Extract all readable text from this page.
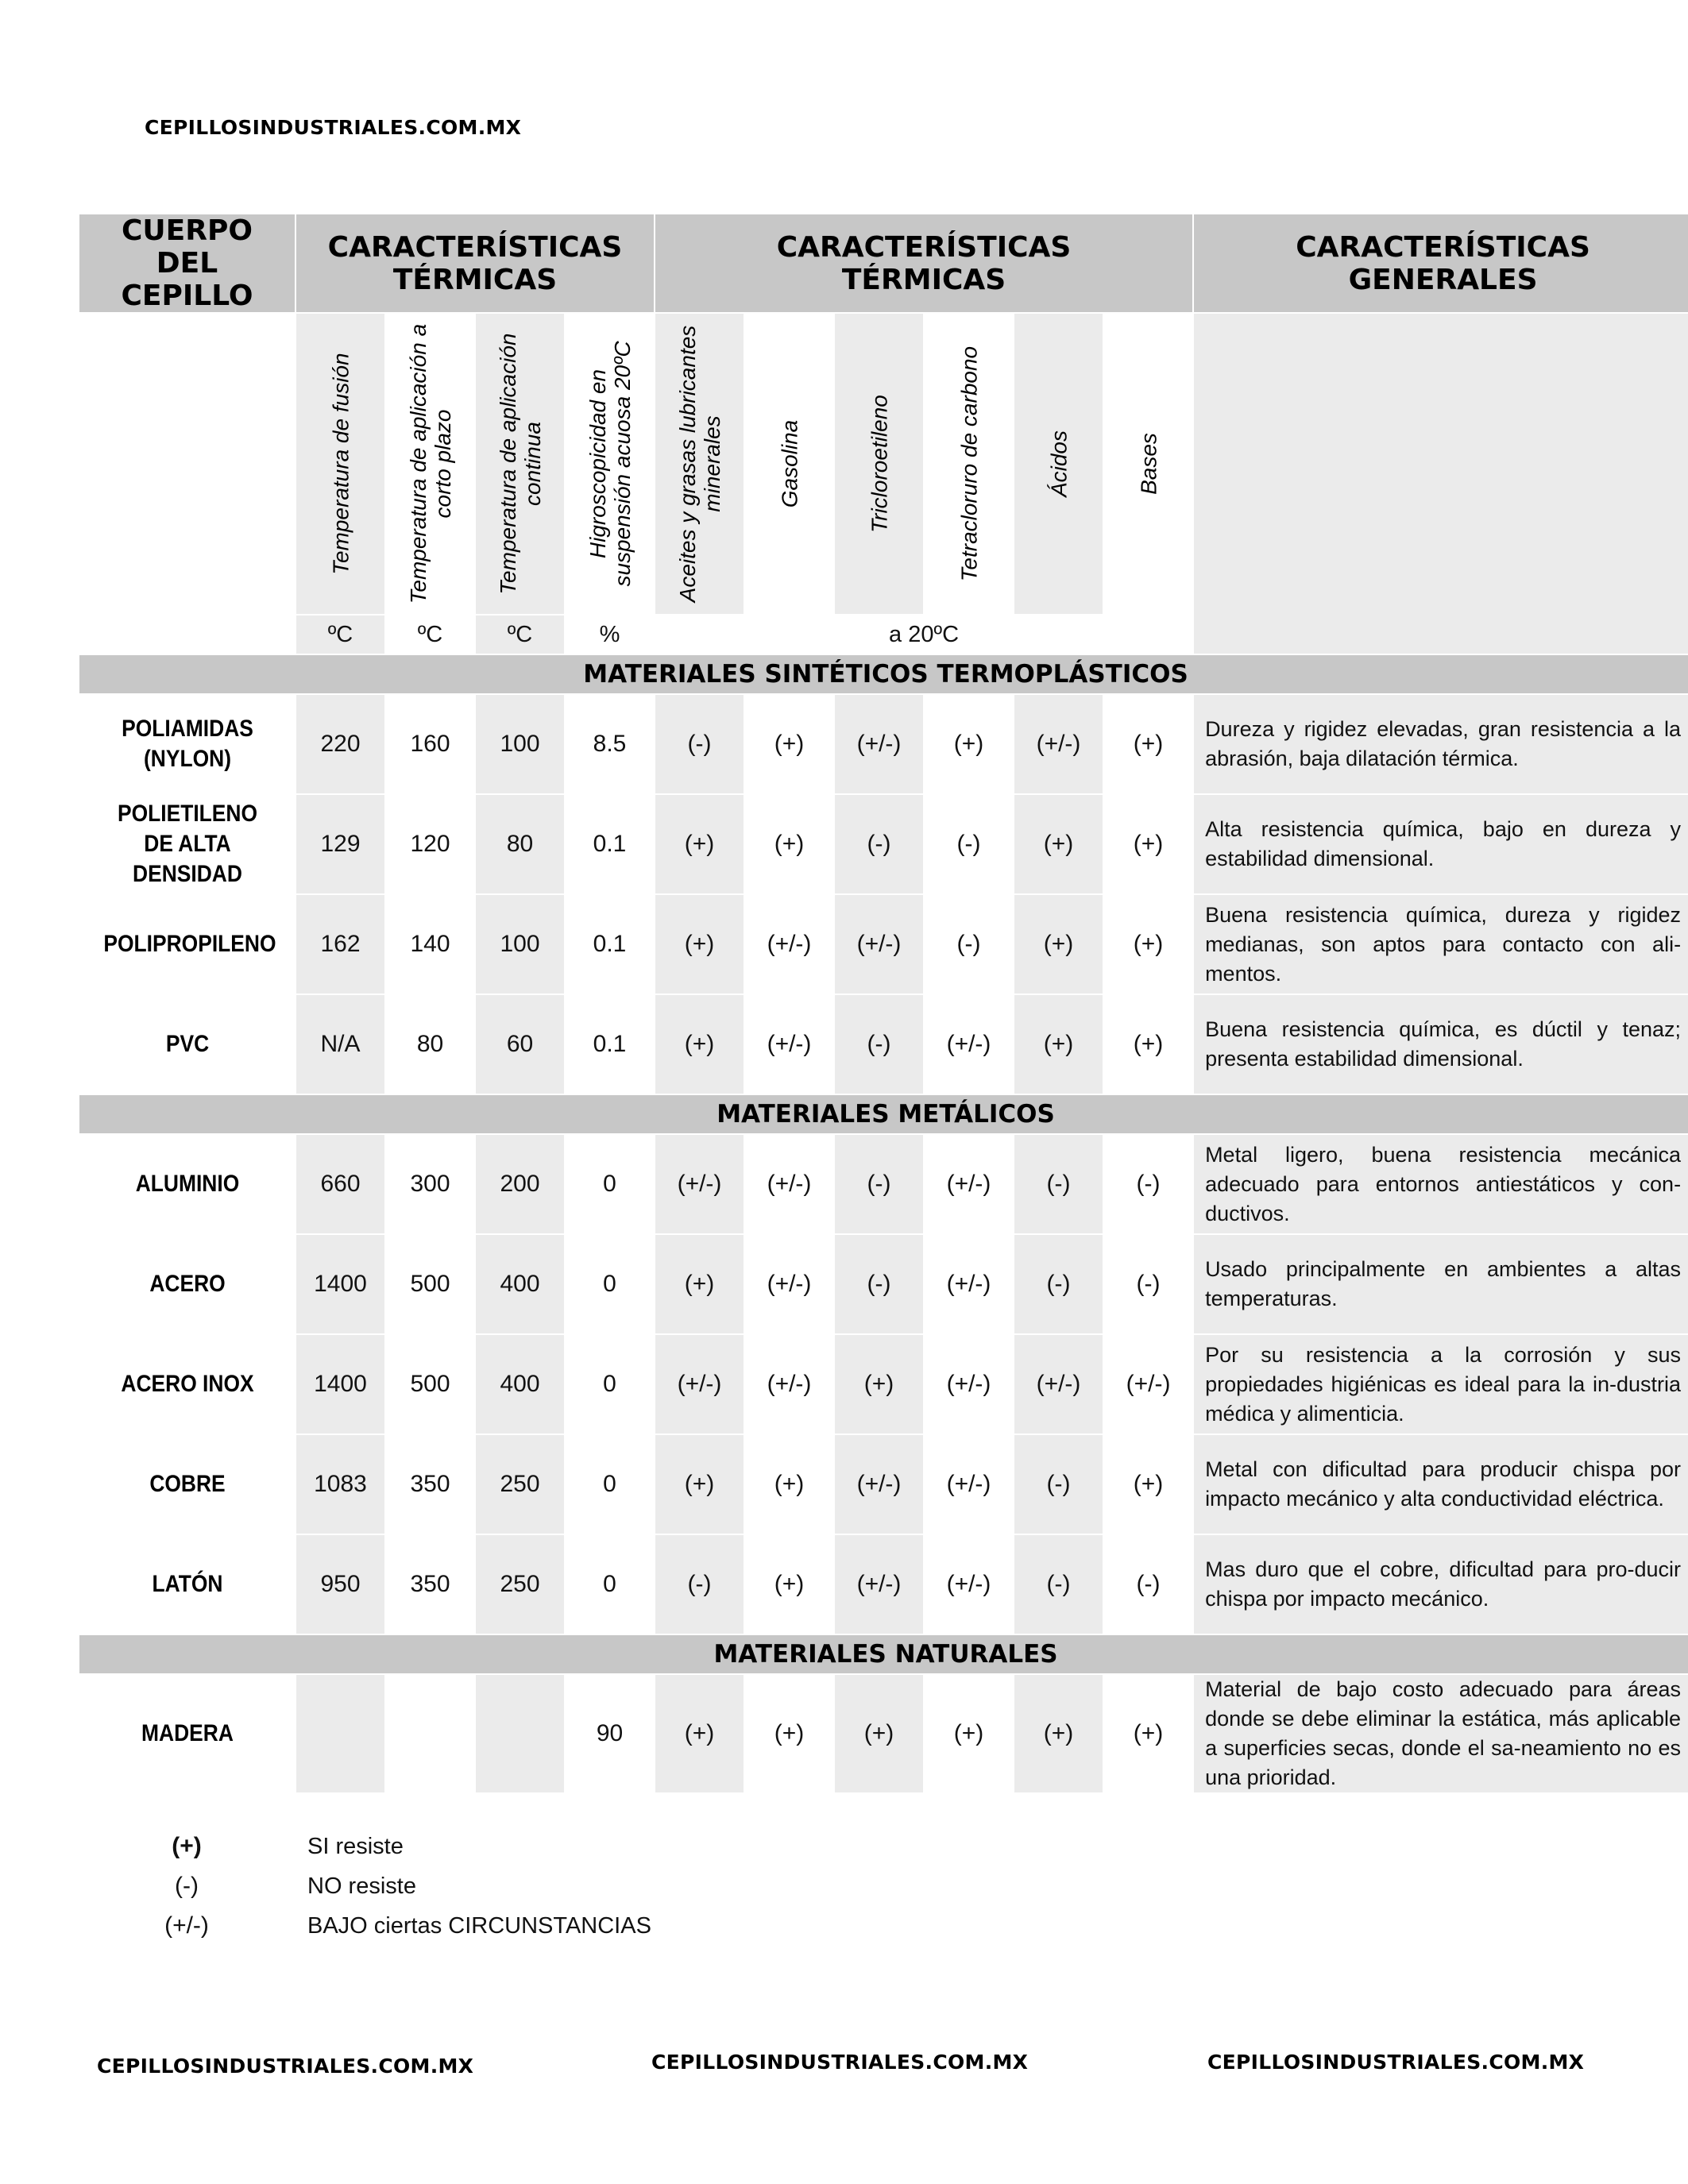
CEPILLOSINDUSTRIALES.COM.MX
CUERPO DEL CEPILLO	CARACTERÍSTICAS TÉRMICAS				CARACTERÍSTICAS TÉRMICAS						CARACTERÍSTICAS GENERALES

	Temperatura de fusión	Temperatura de aplicación a corto plazo	Temperatura de aplicación continua	Higroscopicidad en suspensión acuosa 20ºC	Aceites y grasas lubricantes minerales	Gasolina	Tricloroetileno	Tetracloruro de carbono	Ácidos	Bases	

	ºC	ºC	ºC	%	a 20ºC						
MATERIALES SINTÉTICOS TERMOPLÁSTICOS											
POLIAMIDAS (NYLON)	220	160	100	8.5	(-)	(+)	(+/-)	(+)	(+/-)	(+)	Dureza y rigidez elevadas, gran resistencia a la abrasión, baja dilatación térmica.
POLIETILENO DE ALTA DENSIDAD	129	120	80	0.1	(+)	(+)	(-)	(-)	(+)	(+)	Alta resistencia química, bajo en dureza y estabilidad dimensional.
POLIPROPILENO	162	140	100	0.1	(+)	(+/-)	(+/-)	(-)	(+)	(+)	Buena resistencia química, dureza y rigidez medianas, son aptos para contacto con ali-mentos.
PVC	N/A	80	60	0.1	(+)	(+/-)	(-)	(+/-)	(+)	(+)	Buena resistencia química, es dúctil y tenaz; presenta estabilidad dimensional.
MATERIALES METÁLICOS											
ALUMINIO	660	300	200	0	(+/-)	(+/-)	(-)	(+/-)	(-)	(-)	Metal ligero, buena resistencia mecánica adecuado para entornos antiestáticos y con-ductivos.
ACERO	1400	500	400	0	(+)	(+/-)	(-)	(+/-)	(-)	(-)	Usado principalmente en ambientes a altas temperaturas.
ACERO INOX	1400	500	400	0	(+/-)	(+/-)	(+)	(+/-)	(+/-)	(+/-)	Por su resistencia a la corrosión y sus propiedades higiénicas es ideal para la in-dustria médica y alimenticia.
COBRE	1083	350	250	0	(+)	(+)	(+/-)	(+/-)	(-)	(+)	Metal con dificultad para producir chispa por impacto mecánico y alta conductividad eléctrica.
LATÓN	950	350	250	0	(-)	(+)	(+/-)	(+/-)	(-)	(-)	Mas duro que el cobre, dificultad para pro-ducir chispa por impacto mecánico.
MATERIALES NATURALES											
MADERA				90	(+)	(+)	(+)	(+)	(+)	(+)	Material de bajo costo adecuado para áreas donde se debe eliminar la estática, más aplicable a superficies secas, donde el sa-neamiento no es una prioridad.
(+)	SI resiste
(-)	NO resiste
(+/-)	BAJO ciertas CIRCUNSTANCIAS
CEPILLOSINDUSTRIALES.COM.MX	CEPILLOSINDUSTRIALES.COM.MX	CEPILLOSINDUSTRIALES.COM.MX
